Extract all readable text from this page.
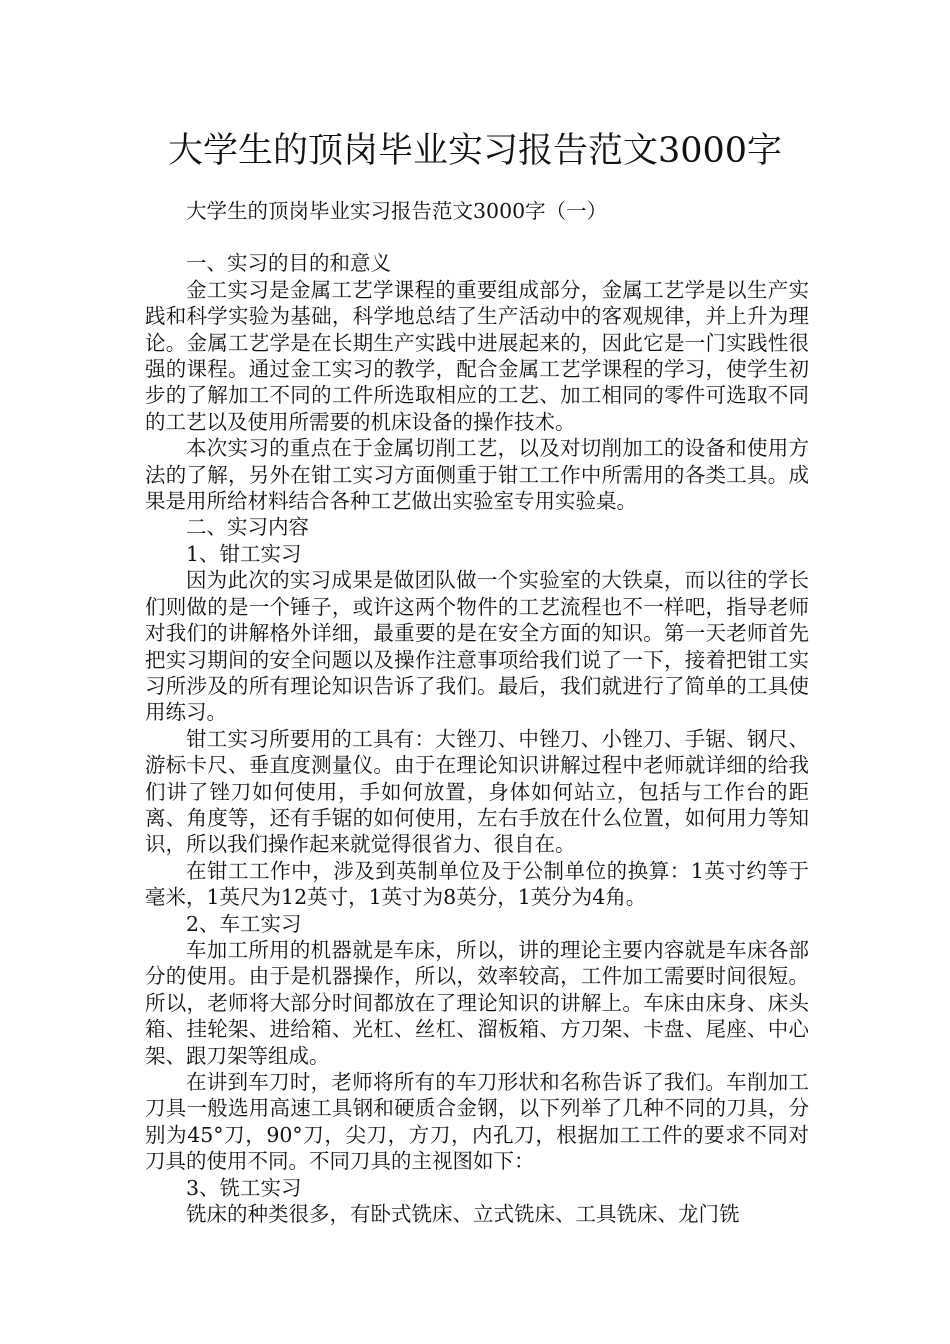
大学生的顶岗毕业实习报告范文3000字

大学生的顶岗毕业实习报告范文3000字（一）

一、实习的目的和意义

金工实习是金属工艺学课程的重要组成部分，金属工艺学是以生产实践和科学实验为基础，科学地总结了生产活动中的客观规律，并上升为理论。金属工艺学是在长期生产实践中进展起来的，因此它是一门实践性很强的课程。通过金工实习的教学，配合金属工艺学课程的学习，使学生初步的了解加工不同的工件所选取相应的工艺、加工相同的零件可选取不同的工艺以及使用所需要的机床设备的操作技术。

本次实习的重点在于金属切削工艺，以及对切削加工的设备和使用方法的了解，另外在钳工实习方面侧重于钳工工作中所需用的各类工具。成果是用所给材料结合各种工艺做出实验室专用实验桌。

二、实习内容

1、钳工实习

因为此次的实习成果是做团队做一个实验室的大铁桌，而以往的学长们则做的是一个锤子，或许这两个物件的工艺流程也不一样吧，指导老师对我们的讲解格外详细，最重要的是在安全方面的知识。第一天老师首先把实习期间的安全问题以及操作注意事项给我们说了一下，接着把钳工实习所涉及的所有理论知识告诉了我们。最后，我们就进行了简单的工具使用练习。

钳工实习所要用的工具有：大锉刀、中锉刀、小锉刀、手锯、钢尺、游标卡尺、垂直度测量仪。由于在理论知识讲解过程中老师就详细的给我们讲了锉刀如何使用，手如何放置，身体如何站立，包括与工作台的距离、角度等，还有手锯的如何使用，左右手放在什么位置，如何用力等知识，所以我们操作起来就觉得很省力、很自在。

在钳工工作中，涉及到英制单位及于公制单位的换算：1英寸约等于毫米，1英尺为12英寸，1英寸为8英分，1英分为4角。

2、车工实习

车加工所用的机器就是车床，所以，讲的理论主要内容就是车床各部分的使用。由于是机器操作，所以，效率较高，工件加工需要时间很短。所以，老师将大部分时间都放在了理论知识的讲解上。车床由床身、床头箱、挂轮架、进给箱、光杠、丝杠、溜板箱、方刀架、卡盘、尾座、中心架、跟刀架等组成。

在讲到车刀时，老师将所有的车刀形状和名称告诉了我们。车削加工刀具一般选用高速工具钢和硬质合金钢，以下列举了几种不同的刀具，分别为45°刀，90°刀，尖刀，方刀，内孔刀，根据加工工件的要求不同对刀具的使用不同。不同刀具的主视图如下：

3、铣工实习

铣床的种类很多，有卧式铣床、立式铣床、工具铣床、龙门铣
